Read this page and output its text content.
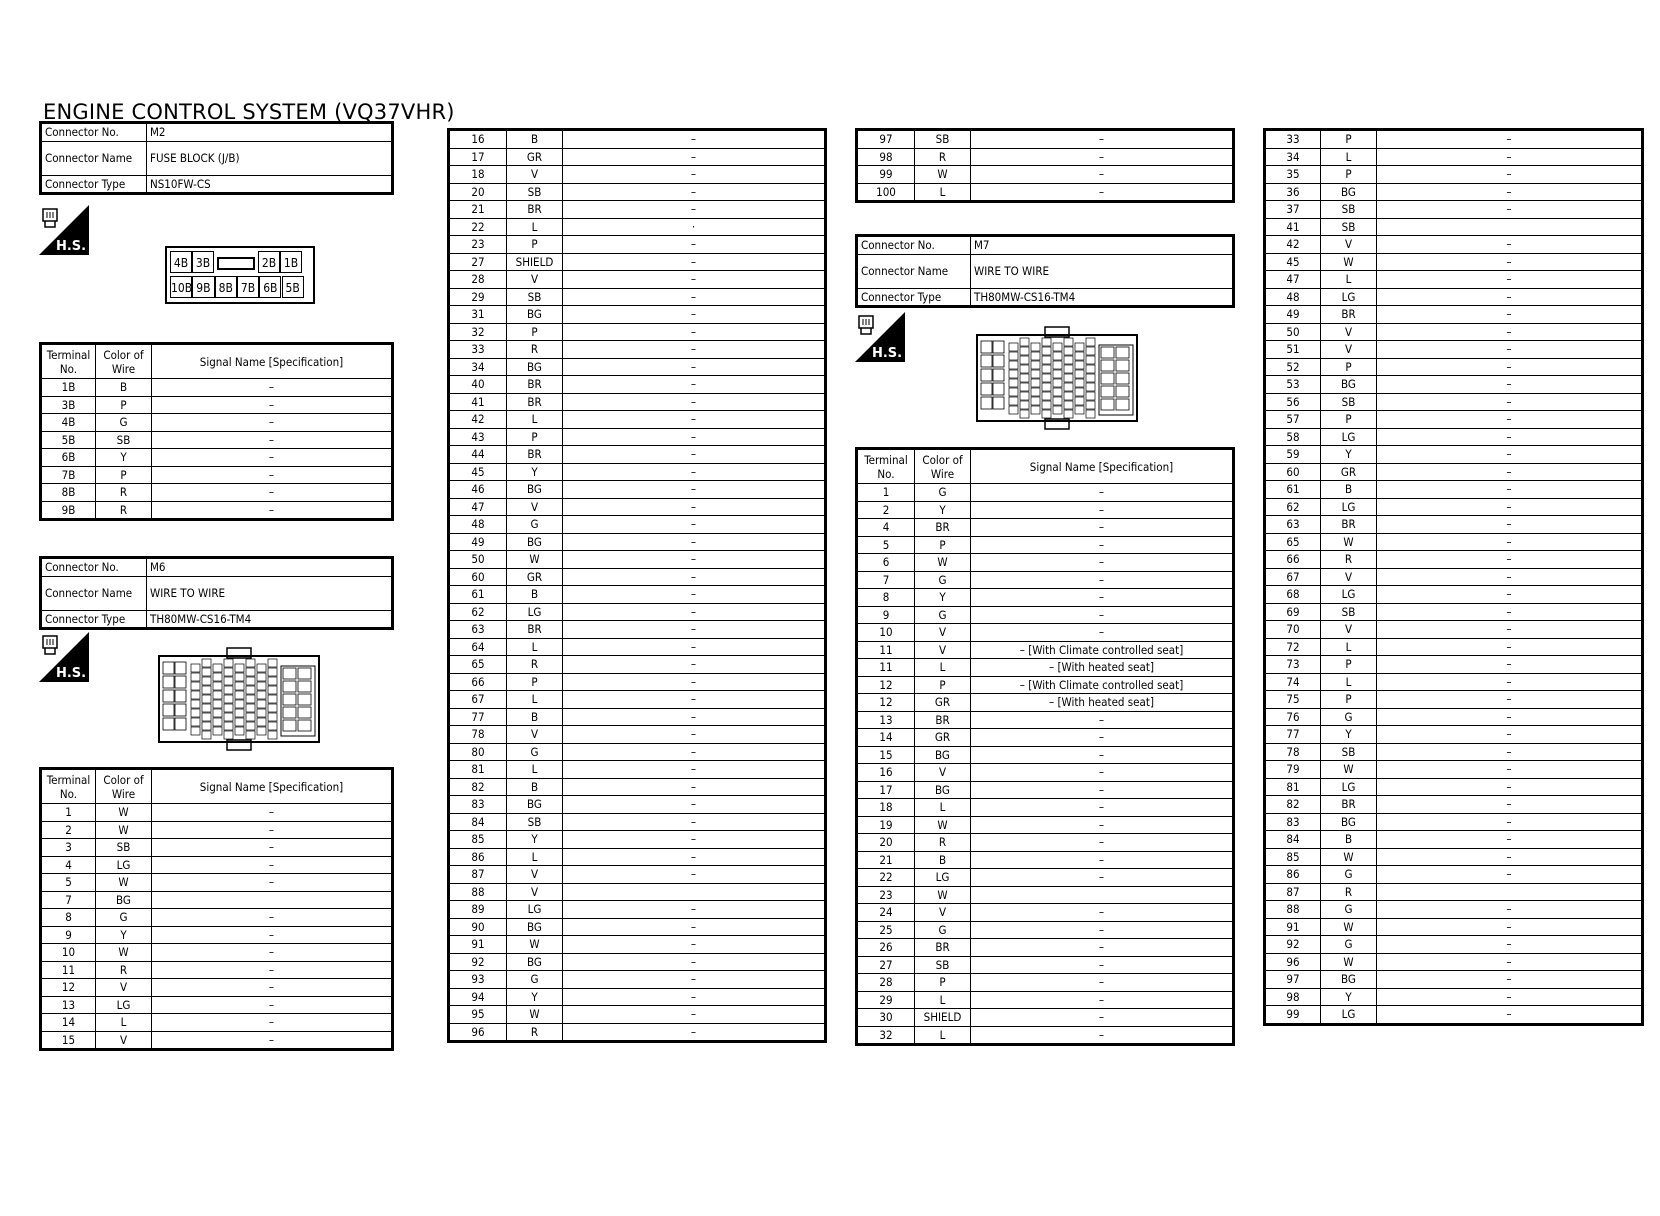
ENGINE CONTROL SYSTEM (VQ37VHR)
Connector No.	M2
Connector Name	FUSE BLOCK (J/B)
Connector Type	NS10FW-CS
H.S.
4B 3B	2B 1B
10B 9B 8B 7B 6B 5B
Terminal No.	Color of Wire	Signal Name [Specification]
1B	B	–
3B	P	–
4B	G	–
5B	SB	–
6B	Y	–
7B	P	–
8B	R	–
9B	R	–
Connector No.	M6
Connector Name	WIRE TO WIRE
Connector Type	TH80MW-CS16-TM4
H.S.
Terminal No.	Color of Wire	Signal Name [Specification]
1	W	–
2	W	–
3	SB	–
4	LG	–
5	W	–
7	BG	
8	G	–
9	Y	–
10	W	–
11	R	–
12	V	–
13	LG	–
14	L	–
15	V	–
16	B	–
17	GR	–
18	V	–
20	SB	–
21	BR	–
22	L	·
23	P	–
27	SHIELD	–
28	V	–
29	SB	–
31	BG	–
32	P	–
33	R	–
34	BG	–
40	BR	–
41	BR	–
42	L	–
43	P	–
44	BR	–
45	Y	–
46	BG	–
47	V	–
48	G	–
49	BG	–
50	W	–
60	GR	–
61	B	–
62	LG	–
63	BR	–
64	L	–
65	R	–
66	P	–
67	L	–
77	B	–
78	V	–
80	G	–
81	L	–
82	B	–
83	BG	–
84	SB	–
85	Y	–
86	L	–
87	V	–
88	V	
89	LG	–
90	BG	–
91	W	–
92	BG	–
93	G	–
94	Y	–
95	W	–
96	R	–
97	SB	–
98	R	–
99	W	–
100	L	–
Connector No.	M7
Connector Name	WIRE TO WIRE
Connector Type	TH80MW-CS16-TM4
H.S.
Terminal No.	Color of Wire	Signal Name [Specification]
1	G	–
2	Y	–
4	BR	–
5	P	–
6	W	–
7	G	–
8	Y	–
9	G	–
10	V	–
11	V	– [With Climate controlled seat]
11	L	– [With heated seat]
12	P	– [With Climate controlled seat]
12	GR	– [With heated seat]
13	BR	–
14	GR	–
15	BG	–
16	V	–
17	BG	–
18	L	–
19	W	–
20	R	–
21	B	–
22	LG	–
23	W	
24	V	–
25	G	–
26	BR	–
27	SB	–
28	P	–
29	L	–
30	SHIELD	–
32	L	–
33	P	–
34	L	–
35	P	–
36	BG	–
37	SB	–
41	SB	
42	V	–
45	W	–
47	L	–
48	LG	–
49	BR	–
50	V	–
51	V	–
52	P	–
53	BG	–
56	SB	–
57	P	–
58	LG	–
59	Y	–
60	GR	–
61	B	–
62	LG	–
63	BR	–
65	W	–
66	R	–
67	V	–
68	LG	–
69	SB	–
70	V	–
72	L	–
73	P	–
74	L	–
75	P	–
76	G	–
77	Y	–
78	SB	–
79	W	–
81	LG	–
82	BR	–
83	BG	–
84	B	–
85	W	–
86	G	–
87	R	
88	G	–
91	W	–
92	G	–
96	W	–
97	BG	–
98	Y	–
99	LG	–
